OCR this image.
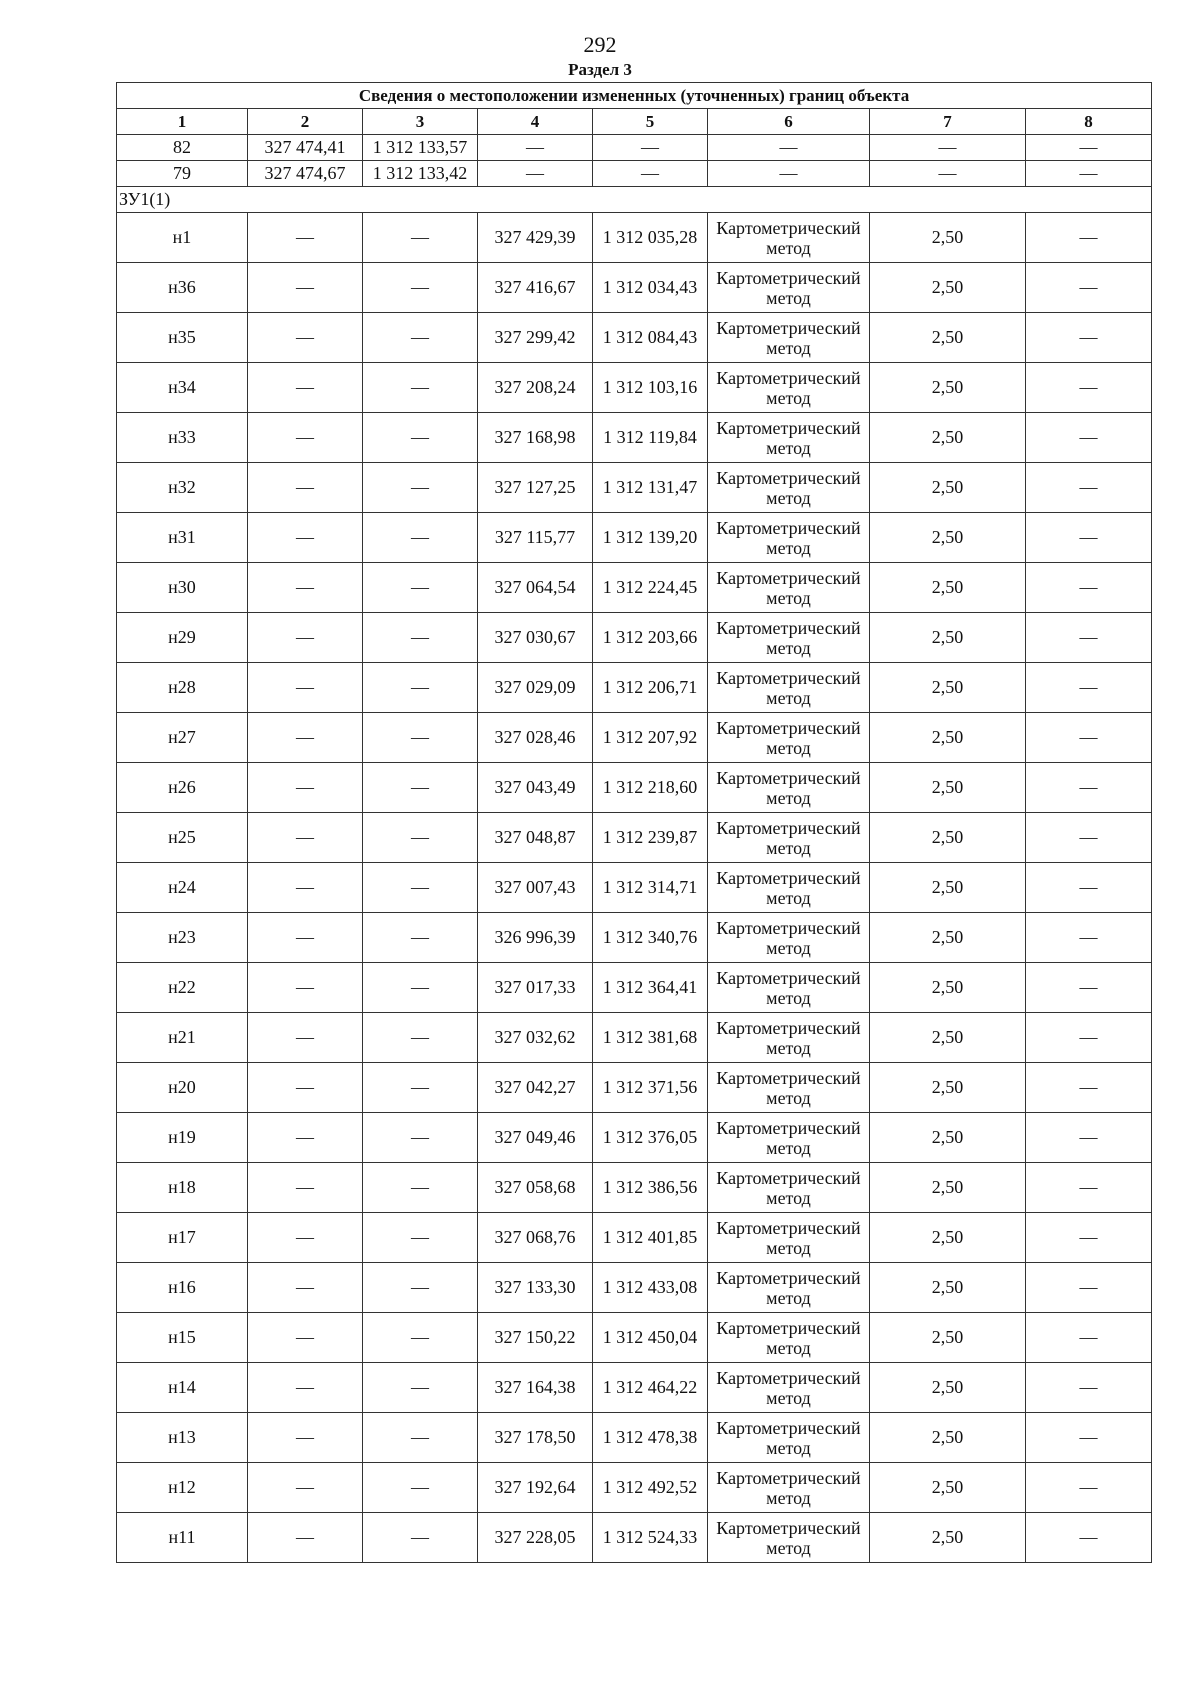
292
Раздел 3
Сведения о местоположении измененных (уточненных) границ объекта							
1	2	3	4	5	6	7	8
82	327 474,41	1 312 133,57	—	—	—	—	—
79	327 474,67	1 312 133,42	—	—	—	—	—
ЗУ1(1)							
н1	—	—	327 429,39	1 312 035,28	Картометрический метод	2,50	—
н36	—	—	327 416,67	1 312 034,43	Картометрический метод	2,50	—
н35	—	—	327 299,42	1 312 084,43	Картометрический метод	2,50	—
н34	—	—	327 208,24	1 312 103,16	Картометрический метод	2,50	—
н33	—	—	327 168,98	1 312 119,84	Картометрический метод	2,50	—
н32	—	—	327 127,25	1 312 131,47	Картометрический метод	2,50	—
н31	—	—	327 115,77	1 312 139,20	Картометрический метод	2,50	—
н30	—	—	327 064,54	1 312 224,45	Картометрический метод	2,50	—
н29	—	—	327 030,67	1 312 203,66	Картометрический метод	2,50	—
н28	—	—	327 029,09	1 312 206,71	Картометрический метод	2,50	—
н27	—	—	327 028,46	1 312 207,92	Картометрический метод	2,50	—
н26	—	—	327 043,49	1 312 218,60	Картометрический метод	2,50	—
н25	—	—	327 048,87	1 312 239,87	Картометрический метод	2,50	—
н24	—	—	327 007,43	1 312 314,71	Картометрический метод	2,50	—
н23	—	—	326 996,39	1 312 340,76	Картометрический метод	2,50	—
н22	—	—	327 017,33	1 312 364,41	Картометрический метод	2,50	—
н21	—	—	327 032,62	1 312 381,68	Картометрический метод	2,50	—
н20	—	—	327 042,27	1 312 371,56	Картометрический метод	2,50	—
н19	—	—	327 049,46	1 312 376,05	Картометрический метод	2,50	—
н18	—	—	327 058,68	1 312 386,56	Картометрический метод	2,50	—
н17	—	—	327 068,76	1 312 401,85	Картометрический метод	2,50	—
н16	—	—	327 133,30	1 312 433,08	Картометрический метод	2,50	—
н15	—	—	327 150,22	1 312 450,04	Картометрический метод	2,50	—
н14	—	—	327 164,38	1 312 464,22	Картометрический метод	2,50	—
н13	—	—	327 178,50	1 312 478,38	Картометрический метод	2,50	—
н12	—	—	327 192,64	1 312 492,52	Картометрический метод	2,50	—
н11	—	—	327 228,05	1 312 524,33	Картометрический метод	2,50	—
